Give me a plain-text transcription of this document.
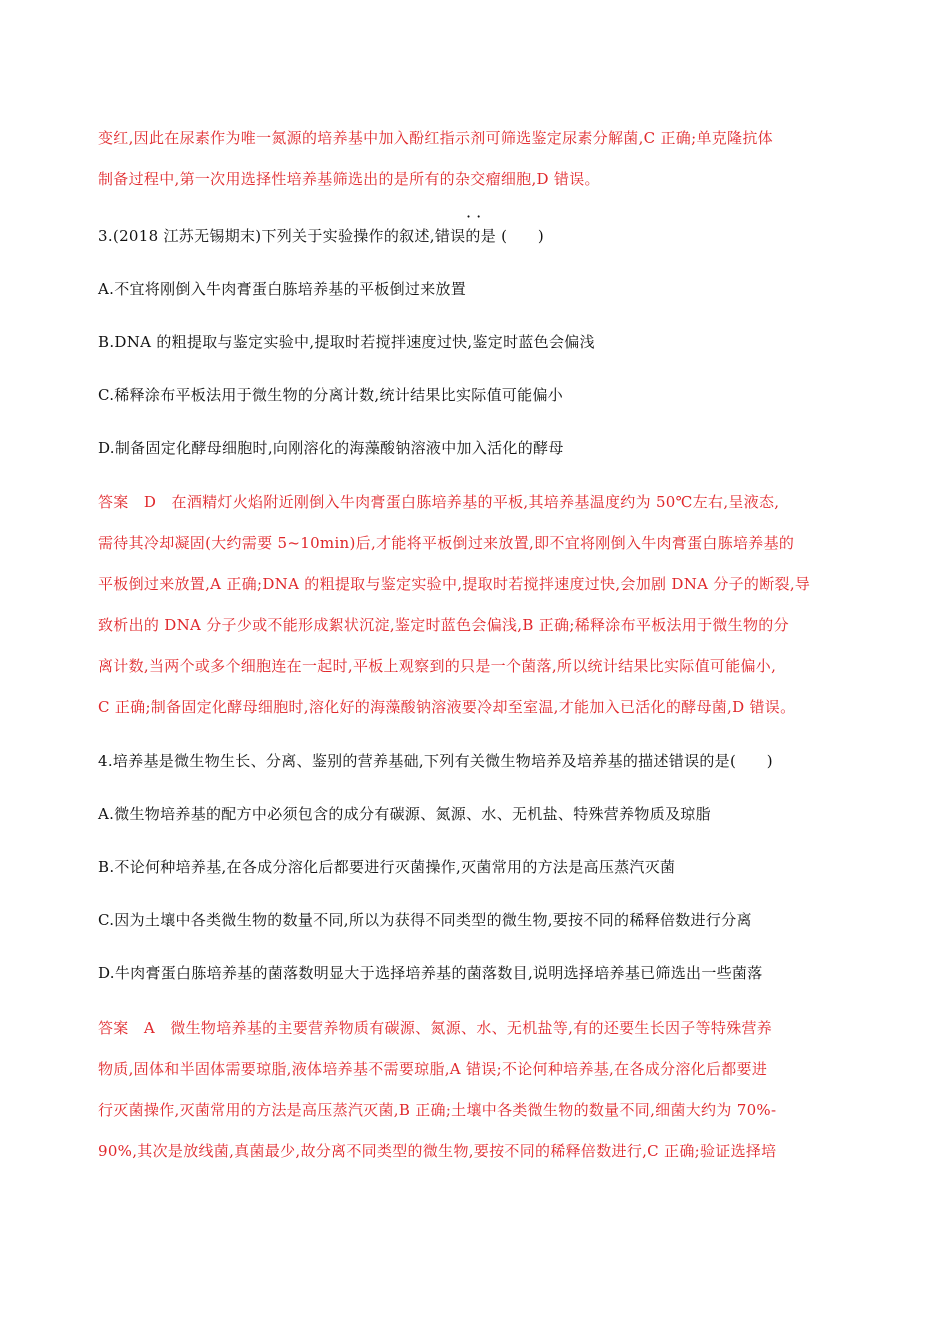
变红,因此在尿素作为唯一氮源的培养基中加入酚红指示剂可筛选鉴定尿素分解菌,C 正确;单克隆抗体
制备过程中,第一次用选择性培养基筛选出的是所有的杂交瘤细胞,D 错误。
· ·
3.(2018 江苏无锡期末)下列关于实验操作的叙述,错误的是 (　　)
A.不宜将刚倒入牛肉膏蛋白胨培养基的平板倒过来放置
B.DNA 的粗提取与鉴定实验中,提取时若搅拌速度过快,鉴定时蓝色会偏浅
C.稀释涂布平板法用于微生物的分离计数,统计结果比实际值可能偏小
D.制备固定化酵母细胞时,向刚溶化的海藻酸钠溶液中加入活化的酵母
答案　D　在酒精灯火焰附近刚倒入牛肉膏蛋白胨培养基的平板,其培养基温度约为 50℃左右,呈液态,
需待其冷却凝固(大约需要 5~10min)后,才能将平板倒过来放置,即不宜将刚倒入牛肉膏蛋白胨培养基的
平板倒过来放置,A 正确;DNA 的粗提取与鉴定实验中,提取时若搅拌速度过快,会加剧 DNA 分子的断裂,导
致析出的 DNA 分子少或不能形成絮状沉淀,鉴定时蓝色会偏浅,B 正确;稀释涂布平板法用于微生物的分
离计数,当两个或多个细胞连在一起时,平板上观察到的只是一个菌落,所以统计结果比实际值可能偏小,
C 正确;制备固定化酵母细胞时,溶化好的海藻酸钠溶液要冷却至室温,才能加入已活化的酵母菌,D 错误。
4.培养基是微生物生长、分离、鉴别的营养基础,下列有关微生物培养及培养基的描述错误的是(　　)
A.微生物培养基的配方中必须包含的成分有碳源、氮源、水、无机盐、特殊营养物质及琼脂
B.不论何种培养基,在各成分溶化后都要进行灭菌操作,灭菌常用的方法是高压蒸汽灭菌
C.因为土壤中各类微生物的数量不同,所以为获得不同类型的微生物,要按不同的稀释倍数进行分离
D.牛肉膏蛋白胨培养基的菌落数明显大于选择培养基的菌落数目,说明选择培养基已筛选出一些菌落
答案　A　微生物培养基的主要营养物质有碳源、氮源、水、无机盐等,有的还要生长因子等特殊营养
物质,固体和半固体需要琼脂,液体培养基不需要琼脂,A 错误;不论何种培养基,在各成分溶化后都要进
行灭菌操作,灭菌常用的方法是高压蒸汽灭菌,B 正确;土壤中各类微生物的数量不同,细菌大约为 70%-
90%,其次是放线菌,真菌最少,故分离不同类型的微生物,要按不同的稀释倍数进行,C 正确;验证选择培
